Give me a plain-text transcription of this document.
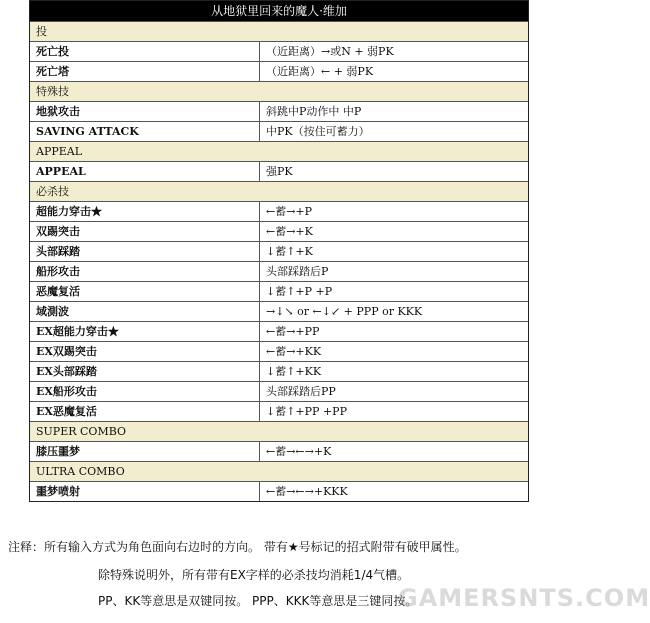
从地狱里回来的魔人·维加
投
死亡投	（近距离）→或N + 弱PK
死亡塔	（近距离）← + 弱PK
特殊技
地狱攻击	斜跳中P动作中 中P
SAVING ATTACK	中PK（按住可蓄力）
APPEAL
APPEAL	强PK
必杀技
超能力穿击★	←蓄→+P
双踢突击	←蓄→+K
头部踩踏	↓蓄↑+K
船形攻击	头部踩踏后P
恶魔复活	↓蓄↑+P +P
域測波	→↓↘ or ←↓↙ + PPP or KKK
EX超能力穿击★	←蓄→+PP
EX双踢突击	←蓄→+KK
EX头部踩踏	↓蓄↑+KK
EX船形攻击	头部踩踏后PP
EX恶魔复活	↓蓄↑+PP +PP
SUPER COMBO
膝压噩梦	←蓄→←→+K
ULTRA COMBO
噩梦喷射	←蓄→←→+KKK
注释：所有输入方式为角色面向右边时的方向。 带有★号标记的招式附带有破甲属性。
除特殊说明外，所有带有EX字样的必杀技均消耗1/4气槽。
PP、KK等意思是双键同按。 PPP、KKK等意思是三键同按。
GAMERSNTS.COM
